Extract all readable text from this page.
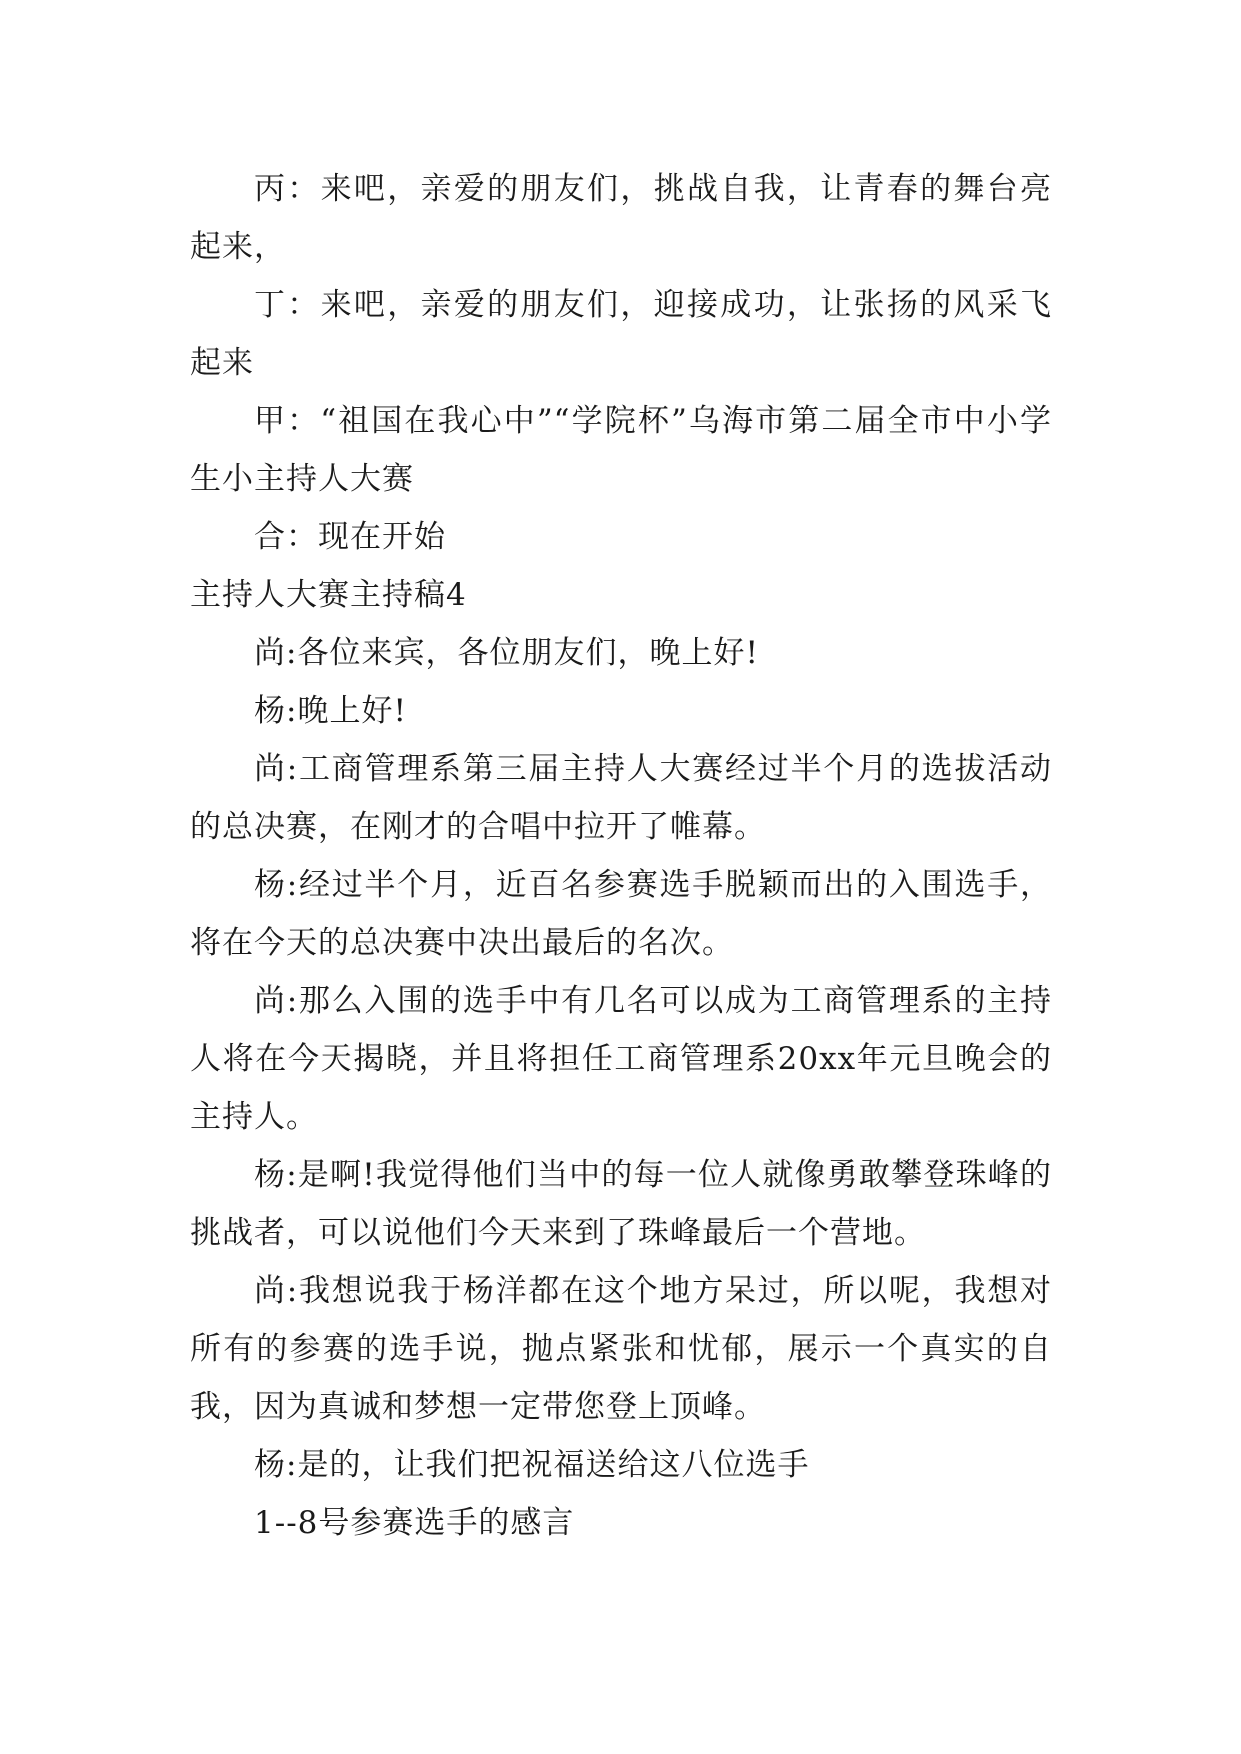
丙：来吧，亲爱的朋友们，挑战自我，让青春的舞台亮起来，

丁：来吧，亲爱的朋友们，迎接成功，让张扬的风采飞起来

甲：“祖国在我心中”“学院杯”乌海市第二届全市中小学生小主持人大赛

合：现在开始

主持人大赛主持稿4

尚:各位来宾，各位朋友们，晚上好!

杨:晚上好!

尚:工商管理系第三届主持人大赛经过半个月的选拔活动的总决赛，在刚才的合唱中拉开了帷幕。

杨:经过半个月，近百名参赛选手脱颖而出的入围选手，将在今天的总决赛中决出最后的名次。

尚:那么入围的选手中有几名可以成为工商管理系的主持人将在今天揭晓，并且将担任工商管理系20xx年元旦晚会的主持人。

杨:是啊!我觉得他们当中的每一位人就像勇敢攀登珠峰的挑战者，可以说他们今天来到了珠峰最后一个营地。

尚:我想说我于杨洋都在这个地方呆过，所以呢，我想对所有的参赛的选手说，抛点紧张和忧郁，展示一个真实的自我，因为真诚和梦想一定带您登上顶峰。

杨:是的，让我们把祝福送给这八位选手

1--8号参赛选手的感言
